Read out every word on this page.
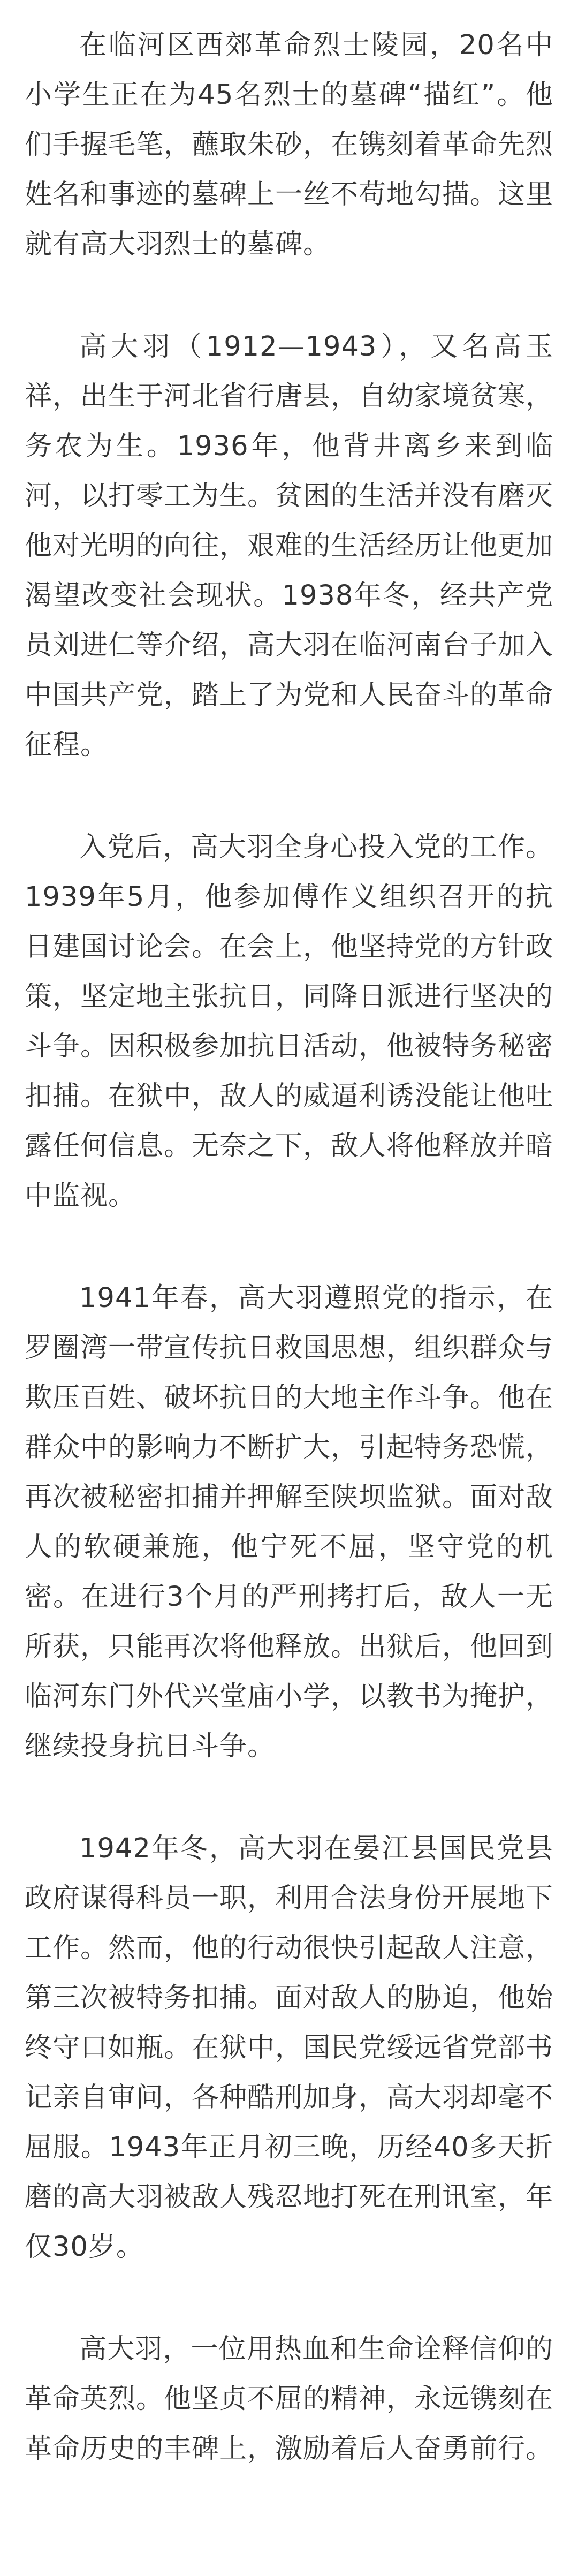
在临河区西郊革命烈士陵园，20名中小学生正在为45名烈士的墓碑“描红”。他们手握毛笔，蘸取朱砂，在镌刻着革命先烈姓名和事迹的墓碑上一丝不苟地勾描。这里就有高大羽烈士的墓碑。

高大羽（1912—1943），又名高玉祥，出生于河北省行唐县，自幼家境贫寒，务农为生。1936年，他背井离乡来到临河，以打零工为生。贫困的生活并没有磨灭他对光明的向往，艰难的生活经历让他更加渴望改变社会现状。1938年冬，经共产党员刘进仁等介绍，高大羽在临河南台子加入中国共产党，踏上了为党和人民奋斗的革命征程。

入党后，高大羽全身心投入党的工作。1939年5月，他参加傅作义组织召开的抗日建国讨论会。在会上，他坚持党的方针政策，坚定地主张抗日，同降日派进行坚决的斗争。因积极参加抗日活动，他被特务秘密扣捕。在狱中，敌人的威逼利诱没能让他吐露任何信息。无奈之下，敌人将他释放并暗中监视。

1941年春，高大羽遵照党的指示，在罗圈湾一带宣传抗日救国思想，组织群众与欺压百姓、破坏抗日的大地主作斗争。他在群众中的影响力不断扩大，引起特务恐慌，再次被秘密扣捕并押解至陕坝监狱。面对敌人的软硬兼施，他宁死不屈，坚守党的机密。在进行3个月的严刑拷打后，敌人一无所获，只能再次将他释放。出狱后，他回到临河东门外代兴堂庙小学，以教书为掩护，继续投身抗日斗争。

1942年冬，高大羽在晏江县国民党县政府谋得科员一职，利用合法身份开展地下工作。然而，他的行动很快引起敌人注意，第三次被特务扣捕。面对敌人的胁迫，他始终守口如瓶。在狱中，国民党绥远省党部书记亲自审问，各种酷刑加身，高大羽却毫不屈服。1943年正月初三晚，历经40多天折磨的高大羽被敌人残忍地打死在刑讯室，年仅30岁。

高大羽，一位用热血和生命诠释信仰的革命英烈。他坚贞不屈的精神，永远镌刻在革命历史的丰碑上，激励着后人奋勇前行。
